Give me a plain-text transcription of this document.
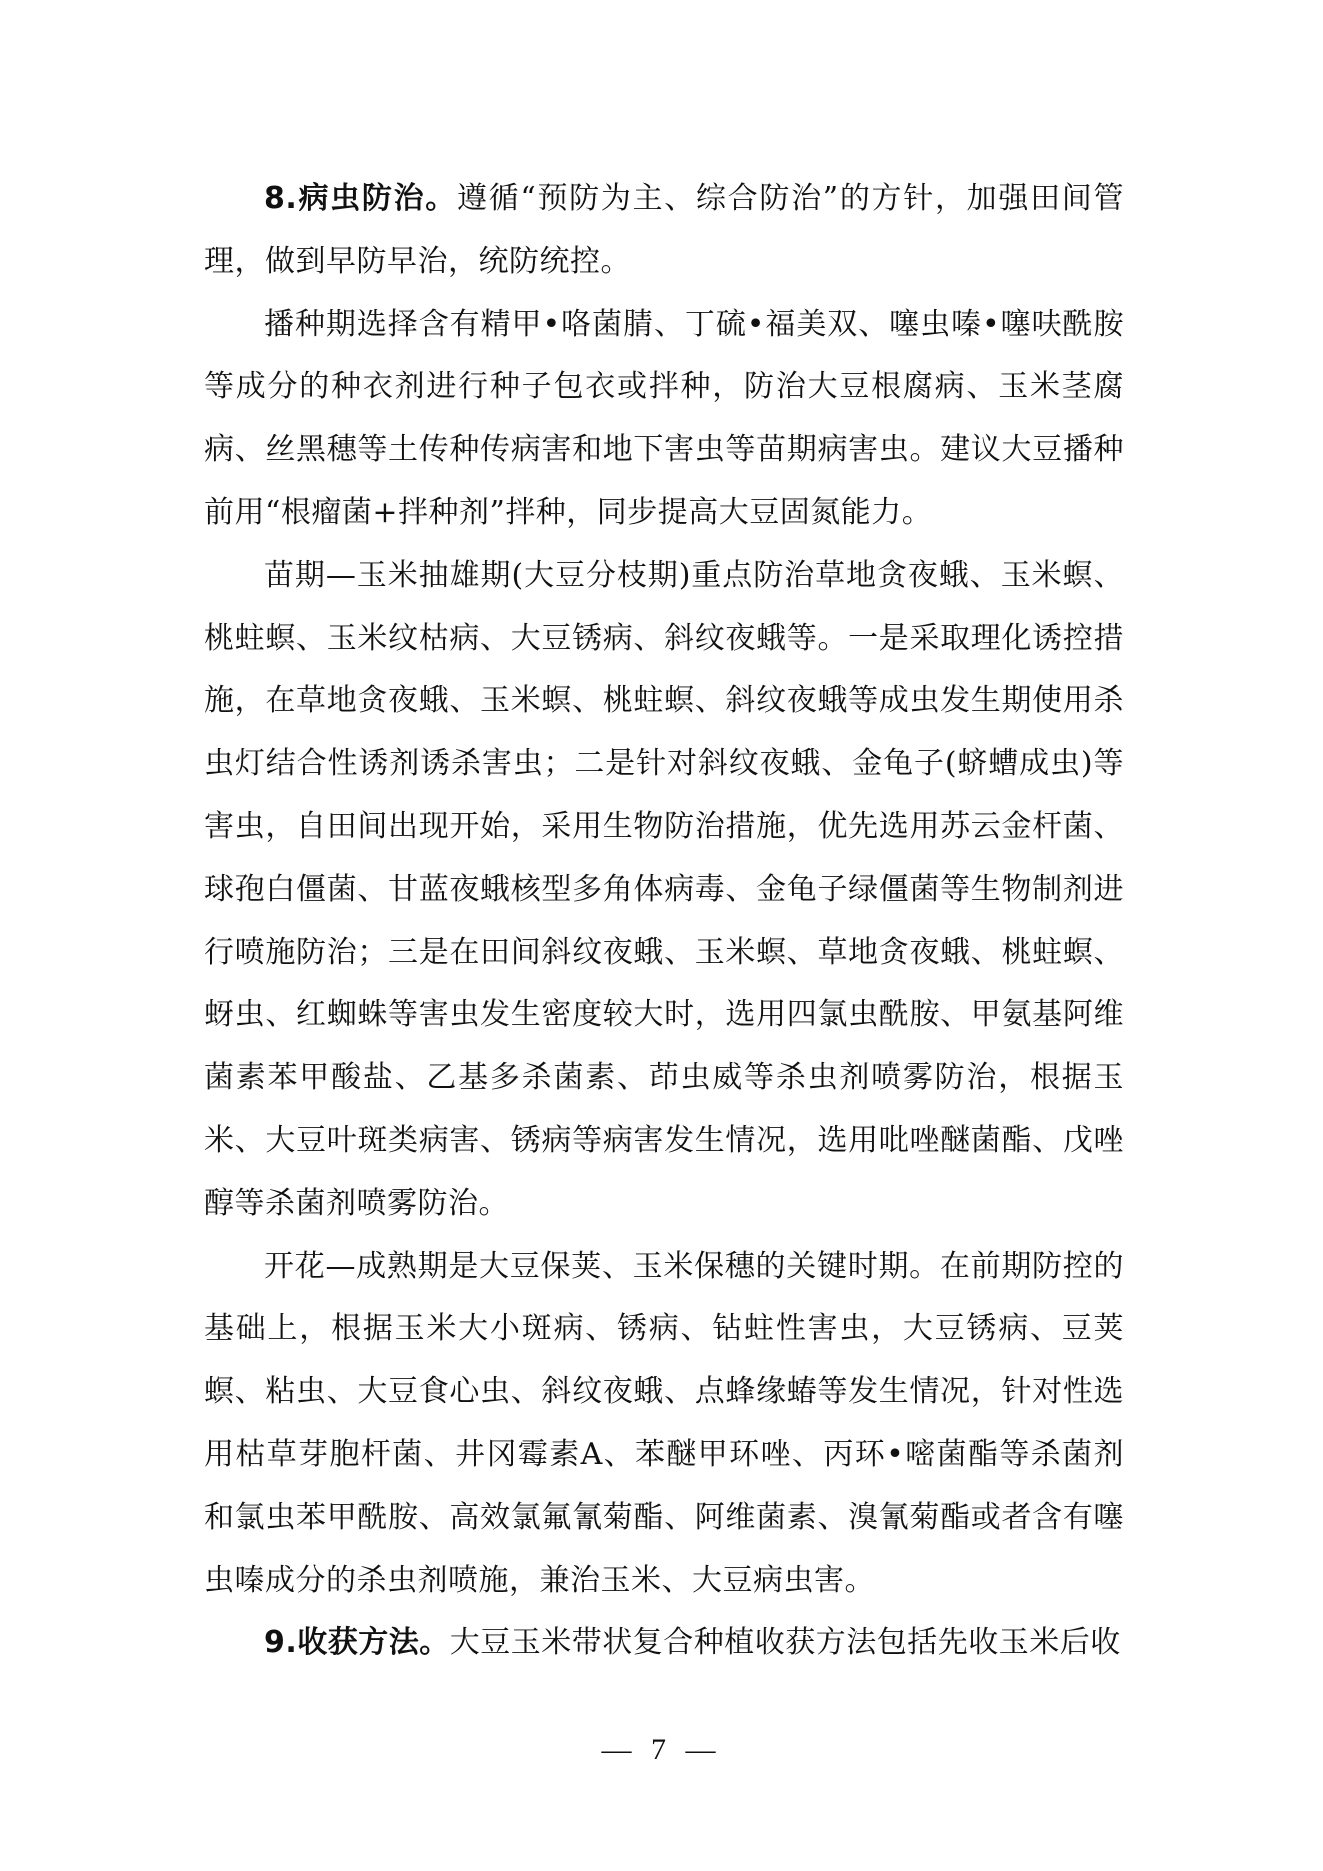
8.病虫防治。遵循“预防为主、综合防治”的方针，加强田间管理，做到早防早治，统防统控。

播种期选择含有精甲•咯菌腈、丁硫•福美双、噻虫嗪•噻呋酰胺等成分的种衣剂进行种子包衣或拌种，防治大豆根腐病、玉米茎腐病、丝黑穗等土传种传病害和地下害虫等苗期病害虫。建议大豆播种前用“根瘤菌+拌种剂”拌种，同步提高大豆固氮能力。

苗期—玉米抽雄期(大豆分枝期)重点防治草地贪夜蛾、玉米螟、桃蛀螟、玉米纹枯病、大豆锈病、斜纹夜蛾等。一是采取理化诱控措施，在草地贪夜蛾、玉米螟、桃蛀螟、斜纹夜蛾等成虫发生期使用杀虫灯结合性诱剂诱杀害虫；二是针对斜纹夜蛾、金龟子(蛴螬成虫)等害虫，自田间出现开始，采用生物防治措施，优先选用苏云金杆菌、球孢白僵菌、甘蓝夜蛾核型多角体病毒、金龟子绿僵菌等生物制剂进行喷施防治；三是在田间斜纹夜蛾、玉米螟、草地贪夜蛾、桃蛀螟、蚜虫、红蜘蛛等害虫发生密度较大时，选用四氯虫酰胺、甲氨基阿维菌素苯甲酸盐、乙基多杀菌素、茚虫威等杀虫剂喷雾防治，根据玉米、大豆叶斑类病害、锈病等病害发生情况，选用吡唑醚菌酯、戊唑醇等杀菌剂喷雾防治。

开花—成熟期是大豆保荚、玉米保穗的关键时期。在前期防控的基础上，根据玉米大小斑病、锈病、钻蛀性害虫，大豆锈病、豆荚螟、粘虫、大豆食心虫、斜纹夜蛾、点蜂缘蝽等发生情况，针对性选用枯草芽胞杆菌、井冈霉素A、苯醚甲环唑、丙环•嘧菌酯等杀菌剂和氯虫苯甲酰胺、高效氯氟氰菊酯、阿维菌素、溴氰菊酯或者含有噻虫嗪成分的杀虫剂喷施，兼治玉米、大豆病虫害。

9.收获方法。大豆玉米带状复合种植收获方法包括先收玉米后收

— 7 —
